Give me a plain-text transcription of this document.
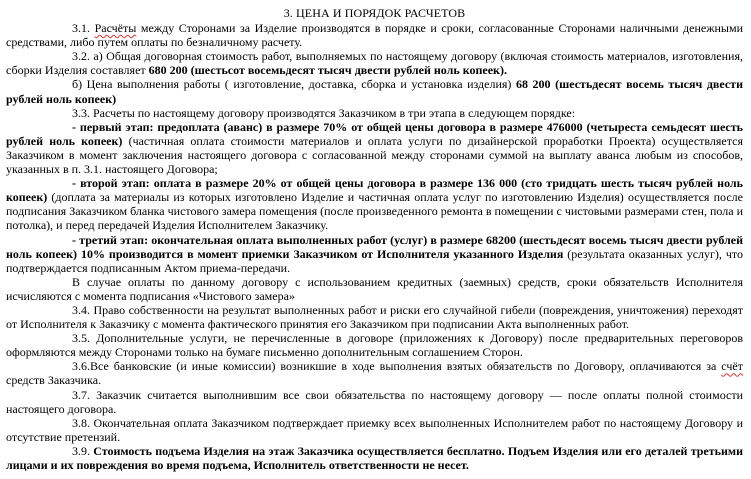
3. ЦЕНА И ПОРЯДОК РАСЧЕТОВ

3.1. Расчёты между Сторонами за Изделие производятся в порядке и сроки, согласованные Сторонами наличными денежными средствами, либо путем оплаты по безналичному расчету.

3.2. а) Общая договорная стоимость работ, выполняемых по настоящему договору (включая стоимость материалов, изготовления, сборки Изделия составляет 680 200 (шестьсот восемьдесят тысяч двести рублей ноль копеек).

б) Цена выполнения работы ( изготовление, доставка, сборка и установка изделия) 68 200 (шестьдесят восемь тысяч двести рублей ноль копеек)

3.3. Расчеты по настоящему договору производятся Заказчиком в три этапа в следующем порядке:

- первый этап: предоплата (аванс) в размере 70% от общей цены договора в размере 476000 (четыреста семьдесят шесть рублей ноль копеек) (частичная оплата стоимости материалов и оплата услуги по дизайнерской проработки Проекта) осуществляется Заказчиком в момент заключения настоящего договора с согласованной между сторонами суммой на выплату аванса любым из способов, указанных в п. 3.1. настоящего Договора;

- второй этап: оплата в размере 20% от общей цены договора в размере 136 000 (сто тридцать шесть тысяч рублей ноль копеек) (доплата за материалы из которых изготовлено Изделие и частичная оплата услуг по изготовлению Изделия) осуществляется после подписания Заказчиком бланка чистового замера помещения (после произведенного ремонта в помещении с чистовыми размерами стен, пола и потолка), и перед передачей Изделия Исполнителем Заказчику.

- третий этап: окончательная оплата выполненных работ (услуг) в размере 68200 (шестьдесят восемь тысяч двести рублей ноль копеек) 10% производится в момент приемки Заказчиком от Исполнителя указанного Изделия (результата оказанных услуг), что подтверждается подписанным Актом приема-передачи.

В случае оплаты по данному договору с использованием кредитных (заемных) средств, сроки обязательств Исполнителя исчисляются с момента подписания «Чистового замера»

3.4. Право собственности на результат выполненных работ и риски его случайной гибели (повреждения, уничтожения) переходят от Исполнителя к Заказчику с момента фактического принятия его Заказчиком при подписании Акта выполненных работ.

3.5. Дополнительные услуги, не перечисленные в договоре (приложениях к Договору) после предварительных переговоров оформляются между Сторонами только на бумаге письменно дополнительным соглашением Сторон.

3.6.Все банковские (и иные комиссии) возникшие в ходе выполнения взятых обязательств по Договору, оплачиваются за счёт средств Заказчика.

3.7. Заказчик считается выполнившим все свои обязательства по настоящему договору — после оплаты полной стоимости настоящего договора.

3.8. Окончательная оплата Заказчиком подтверждает приемку всех выполненных Исполнителем работ по настоящему Договору и отсутствие претензий.

3.9. Стоимость подъема Изделия на этаж Заказчика осуществляется бесплатно. Подъем Изделия или его деталей третьими лицами и их повреждения во время подъема, Исполнитель ответственности не несет.
